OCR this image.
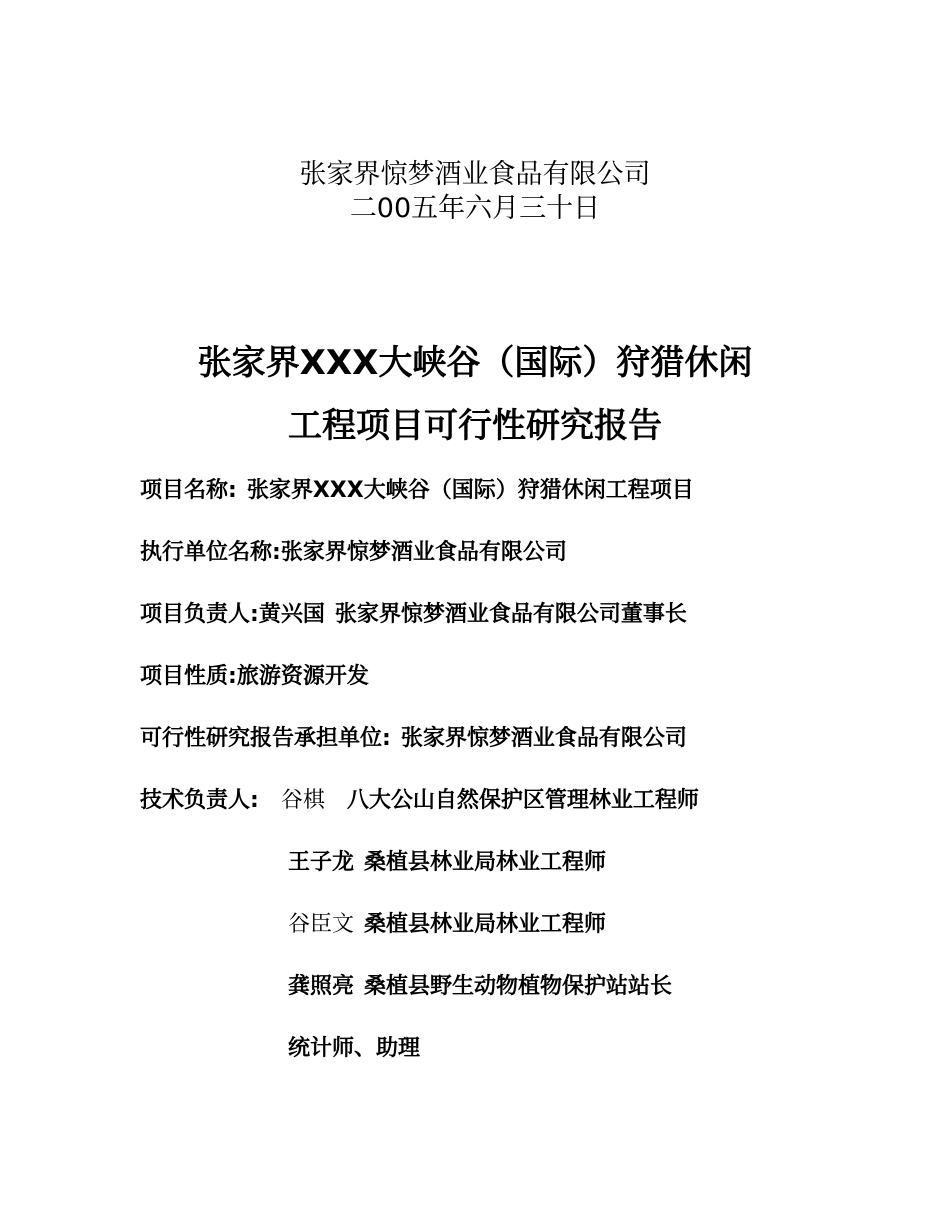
张家界惊梦酒业食品有限公司
二00五年六月三十日
张家界XXX大峡谷（国际）狩猎休闲
工程项目可行性研究报告
项目名称: 张家界XXX大峡谷（国际）狩猎休闲工程项目
执行单位名称:张家界惊梦酒业食品有限公司
项目负责人:黄兴国 张家界惊梦酒业食品有限公司董事长
项目性质:旅游资源开发
可行性研究报告承担单位: 张家界惊梦酒业食品有限公司
技术负责人: 谷棋 八大公山自然保护区管理林业工程师
王子龙 桑植县林业局林业工程师
谷臣文 桑植县林业局林业工程师
龚照亮 桑植县野生动物植物保护站站长
统计师、助理
